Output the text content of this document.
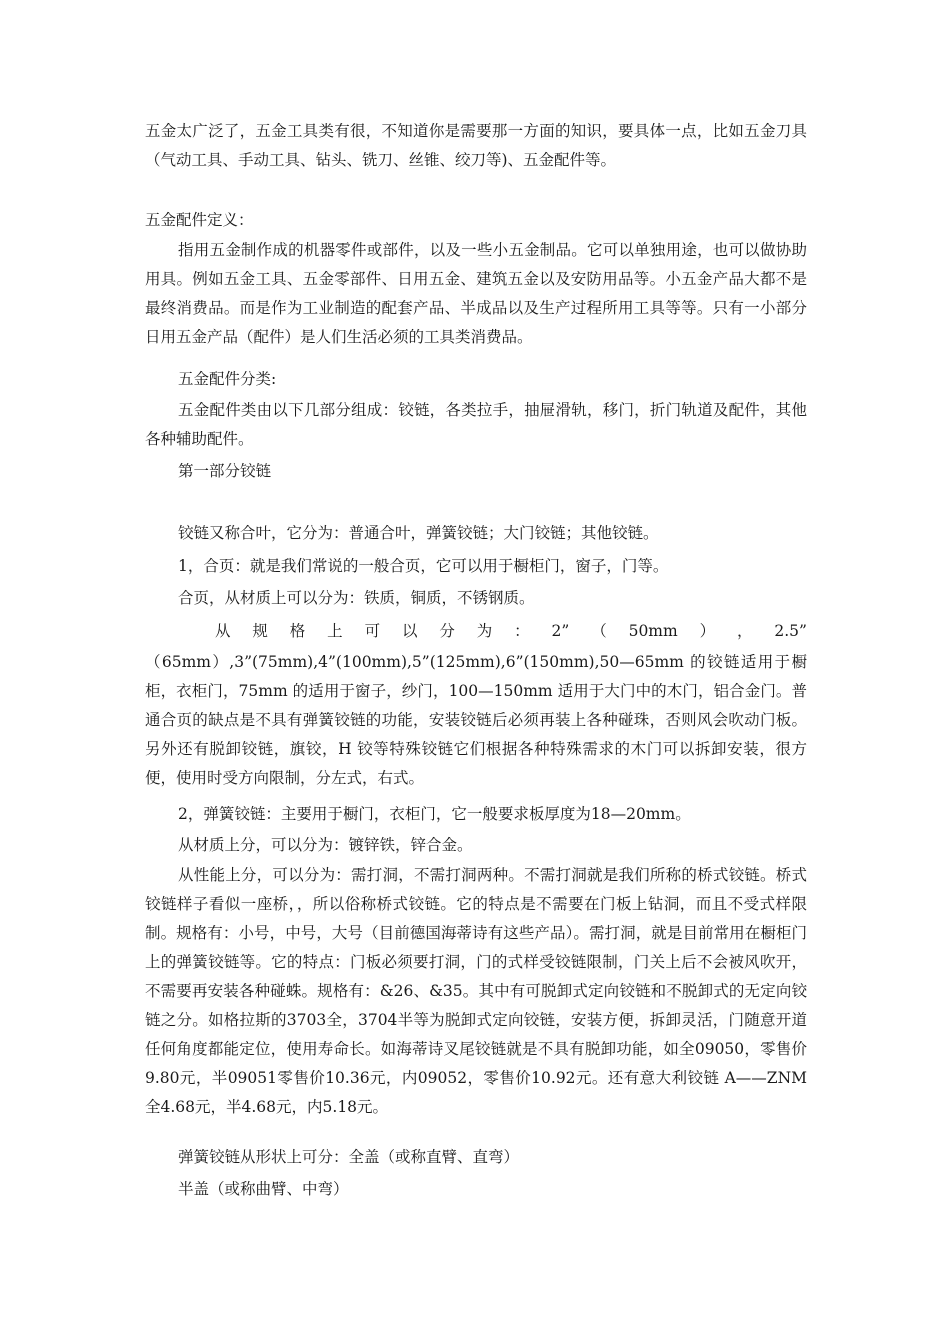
五金太广泛了，五金工具类有很，不知道你是需要那一方面的知识，要具体一点，比如五金刀具（气动工具、手动工具、钻头、铣刀、丝锥、绞刀等)、五金配件等。

五金配件定义：

指用五金制作成的机器零件或部件，以及一些小五金制品。它可以单独用途，也可以做协助用具。例如五金工具、五金零部件、日用五金、建筑五金以及安防用品等。小五金产品大都不是最终消费品。而是作为工业制造的配套产品、半成品以及生产过程所用工具等等。只有一小部分日用五金产品（配件）是人们生活必须的工具类消费品。

五金配件分类:

五金配件类由以下几部分组成：铰链，各类拉手，抽屉滑轨，移门，折门轨道及配件，其他各种辅助配件。

第一部分铰链

铰链又称合叶，它分为：普通合叶，弹簧铰链；大门铰链；其他铰链。

1，合页：就是我们常说的一般合页，它可以用于橱柜门，窗子，门等。

合页，从材质上可以分为：铁质，铜质，不锈钢质。

从 规 格 上 可 以 分 为 ： 2” （ 50mm ） ， 2.5”

（65mm）,3”(75mm),4”(100mm),5”(125mm),6”(150mm),50—65mm 的铰链适用于橱柜，衣柜门，75mm 的适用于窗子，纱门，100—150mm 适用于大门中的木门，铝合金门。普通合页的缺点是不具有弹簧铰链的功能，安装铰链后必须再装上各种碰珠，否则风会吹动门板。另外还有脱卸铰链，旗铰，H 铰等特殊铰链它们根据各种特殊需求的木门可以拆卸安装，很方便，使用时受方向限制，分左式，右式。

2，弹簧铰链：主要用于橱门，衣柜门，它一般要求板厚度为18—20mm。

从材质上分，可以分为：镀锌铁，锌合金。

从性能上分，可以分为：需打洞，不需打洞两种。不需打洞就是我们所称的桥式铰链。桥式铰链样子看似一座桥，，所以俗称桥式铰链。它的特点是不需要在门板上钻洞，而且不受式样限制。规格有：小号，中号，大号（目前德国海蒂诗有这些产品）。需打洞，就是目前常用在橱柜门上的弹簧铰链等。它的特点：门板必须要打洞，门的式样受铰链限制，门关上后不会被风吹开，不需要再安装各种碰蛛。规格有：&26、&35。其中有可脱卸式定向铰链和不脱卸式的无定向铰链之分。如格拉斯的3703全，3704半等为脱卸式定向铰链，安装方便，拆卸灵活，门随意开道任何角度都能定位，使用寿命长。如海蒂诗叉尾铰链就是不具有脱卸功能，如全09050，零售价9.80元，半09051零售价10.36元，内09052，零售价10.92元。还有意大利铰链 A——ZNM 全4.68元，半4.68元，内5.18元。

弹簧铰链从形状上可分：全盖（或称直臂、直弯）

半盖（或称曲臂、中弯）
